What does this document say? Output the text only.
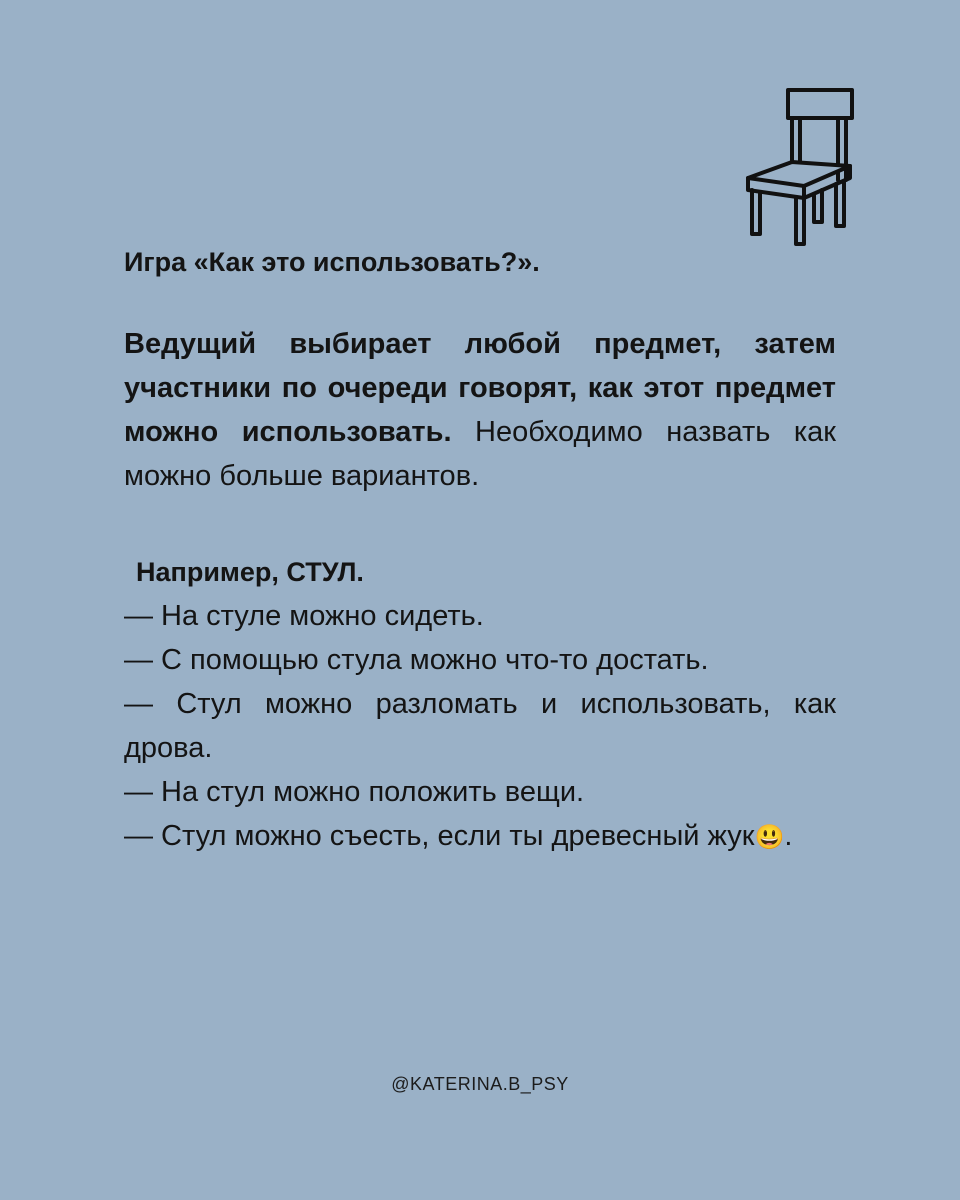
Игра «Как это использовать?».

Ведущий выбирает любой предмет, затем участники по очереди говорят, как этот предмет можно использовать. Необходимо назвать как можно больше вариантов.

Например, СТУЛ.

— На стуле можно сидеть.
— С помощью стула можно что-то достать.
— Стул можно разломать и использовать, как дрова.
— На стул можно положить вещи.
— Стул можно съесть, если ты древесный жук😃.
@KATERINA.B_PSY
